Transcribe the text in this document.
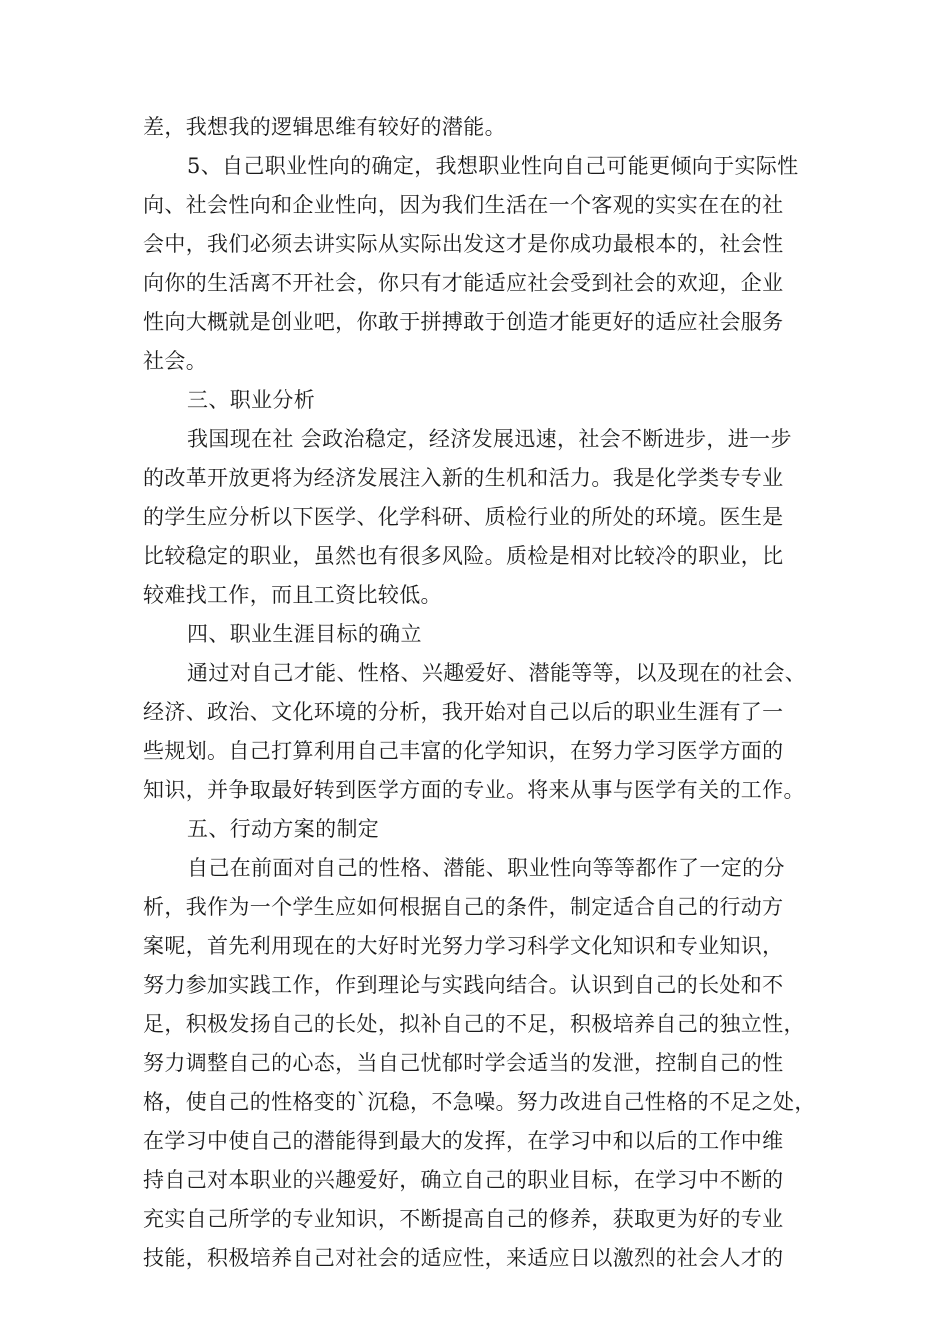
差，我想我的逻辑思维有较好的潜能。
5、自己职业性向的确定，我想职业性向自己可能更倾向于实际性
向、社会性向和企业性向，因为我们生活在一个客观的实实在在的社
会中，我们必须去讲实际从实际出发这才是你成功最根本的，社会性
向你的生活离不开社会，你只有才能适应社会受到社会的欢迎，企业
性向大概就是创业吧，你敢于拼搏敢于创造才能更好的适应社会服务
社会。
三、职业分析
我国现在社 会政治稳定，经济发展迅速，社会不断进步，进一步
的改革开放更将为经济发展注入新的生机和活力。我是化学类专专业
的学生应分析以下医学、化学科研、质检行业的所处的环境。医生是
比较稳定的职业，虽然也有很多风险。质检是相对比较冷的职业，比
较难找工作，而且工资比较低。
四、职业生涯目标的确立
通过对自己才能、性格、兴趣爱好、潜能等等，以及现在的社会、
经济、政治、文化环境的分析，我开始对自己以后的职业生涯有了一
些规划。自己打算利用自己丰富的化学知识，在努力学习医学方面的
知识，并争取最好转到医学方面的专业。将来从事与医学有关的工作。
五、行动方案的制定
自己在前面对自己的性格、潜能、职业性向等等都作了一定的分
析，我作为一个学生应如何根据自己的条件，制定适合自己的行动方
案呢，首先利用现在的大好时光努力学习科学文化知识和专业知识，
努力参加实践工作，作到理论与实践向结合。认识到自己的长处和不
足，积极发扬自己的长处，拟补自己的不足，积极培养自己的独立性，
努力调整自己的心态，当自己忧郁时学会适当的发泄，控制自己的性
格，使自己的性格变的`沉稳，不急噪。努力改进自己性格的不足之处，
在学习中使自己的潜能得到最大的发挥，在学习中和以后的工作中维
持自己对本职业的兴趣爱好，确立自己的职业目标，在学习中不断的
充实自己所学的专业知识，不断提高自己的修养，获取更为好的专业
技能，积极培养自己对社会的适应性，来适应日以激烈的社会人才的
